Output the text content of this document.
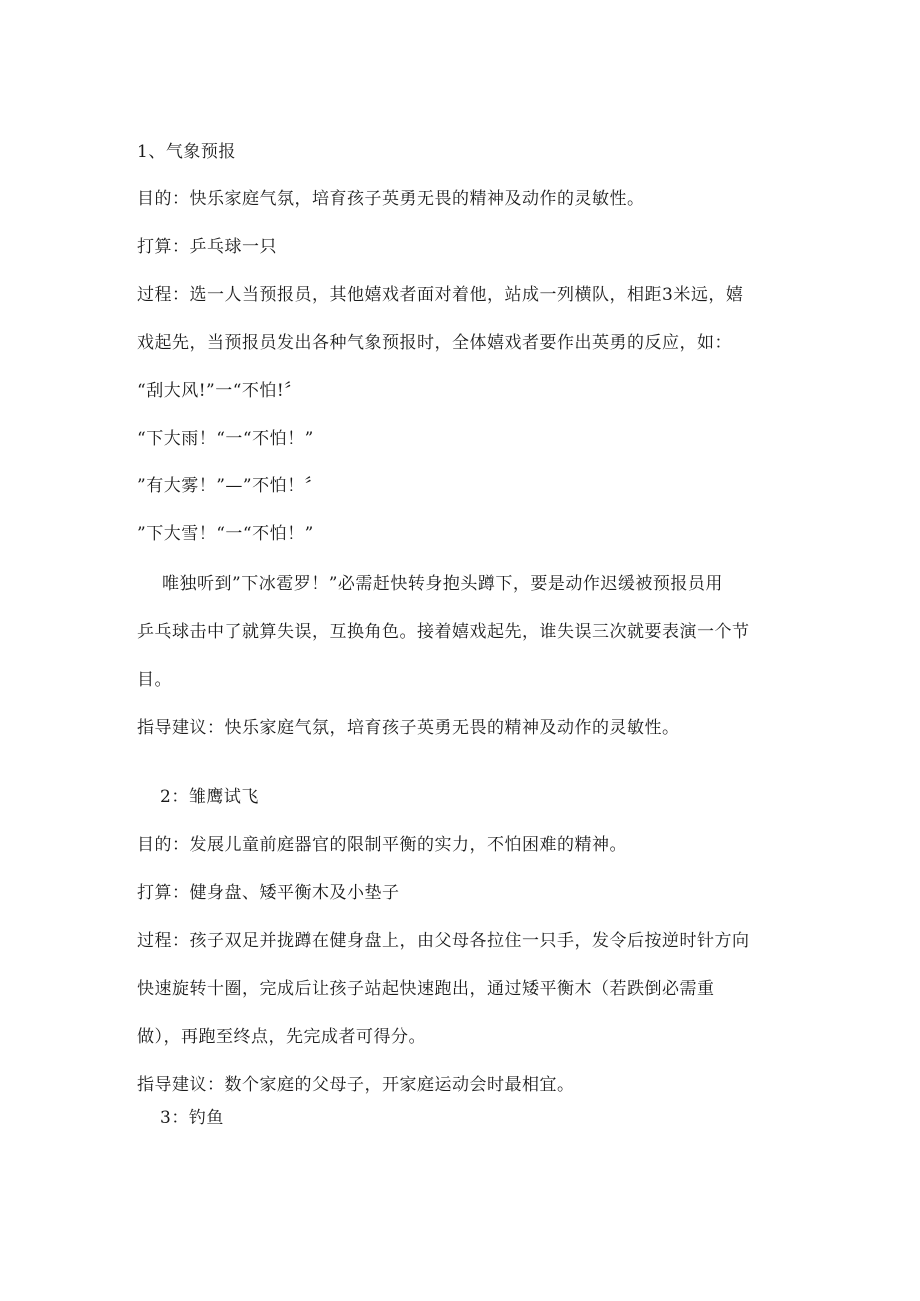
1、气象预报
目的：快乐家庭气氛，培育孩子英勇无畏的精神及动作的灵敏性。
打算：乒乓球一只
过程：选一人当预报员，其他嬉戏者面对着他，站成一列横队，相距3米远，嬉
戏起先，当预报员发出各种气象预报时，全体嬉戏者要作出英勇的反应，如：
“刮大风!”一“不怕!〞
“下大雨！“一“不怕！”
”有大雾！”—”不怕！〞
”下大雪！“一“不怕！”
唯独听到”下冰雹罗！”必需赶快转身抱头蹲下，要是动作迟缓被预报员用
乒乓球击中了就算失误，互换角色。接着嬉戏起先，谁失误三次就要表演一个节
目。
指导建议：快乐家庭气氛，培育孩子英勇无畏的精神及动作的灵敏性。
2：雏鹰试飞
目的：发展儿童前庭器官的限制平衡的实力，不怕困难的精神。
打算：健身盘、矮平衡木及小垫子
过程：孩子双足并拢蹲在健身盘上，由父母各拉住一只手，发令后按逆时针方向
快速旋转十圈，完成后让孩子站起快速跑出，通过矮平衡木（若跌倒必需重
做），再跑至终点，先完成者可得分。
指导建议：数个家庭的父母子，开家庭运动会时最相宜。
3：钓鱼
